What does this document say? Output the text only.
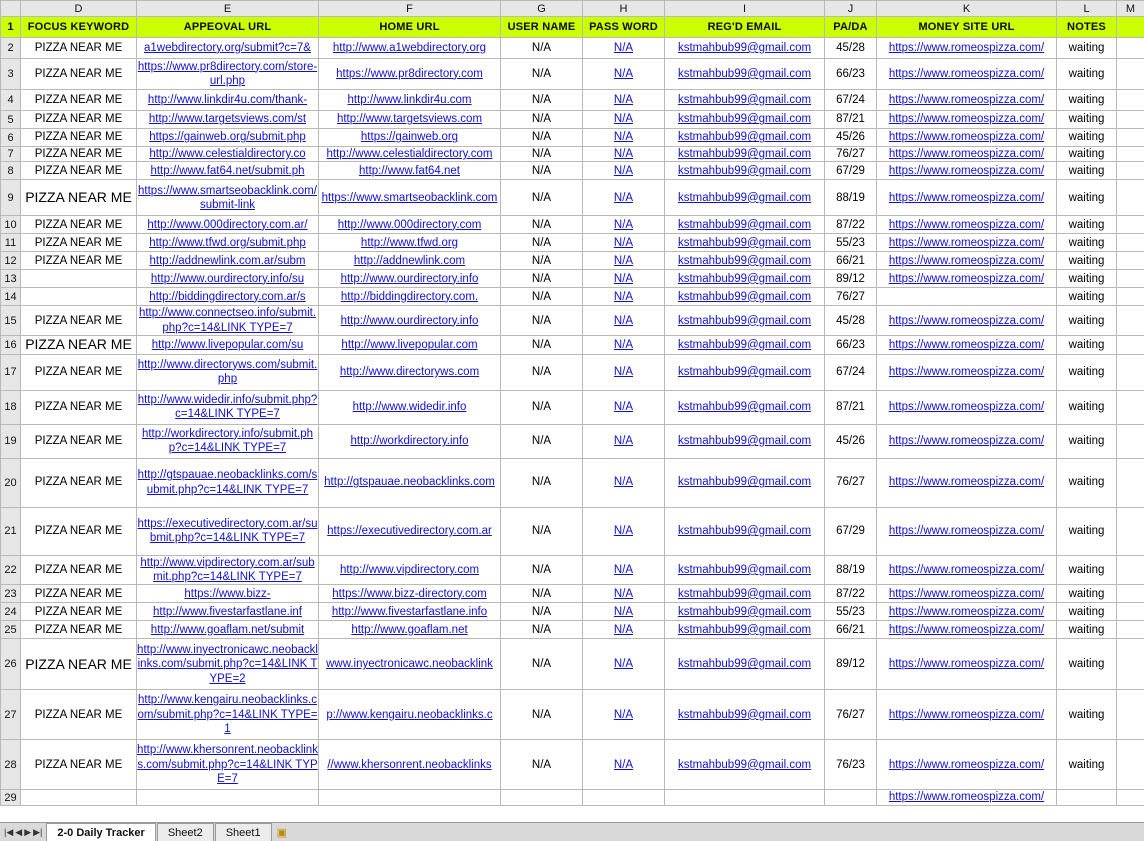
	D	E	F	G	H	I	J	K	L	M
1	FOCUS KEYWORD	APPEOVAL URL	HOME URL	USER NAME	PASS WORD	REG'D EMAIL	PA/DA	MONEY SITE URL	NOTES	
2	PIZZA NEAR ME	a1webdirectory.org/submit?c=7&	http://www.a1webdirectory.org	N/A	N/A	kstmahbub99@gmail.com	45/28	https://www.romeospizza.com/	waiting	
3	PIZZA NEAR ME	https://www.pr8directory.com/store-url.php	https://www.pr8directory.com	N/A	N/A	kstmahbub99@gmail.com	66/23	https://www.romeospizza.com/	waiting	
4	PIZZA NEAR ME	http://www.linkdir4u.com/thank-	http://www.linkdir4u.com	N/A	N/A	kstmahbub99@gmail.com	67/24	https://www.romeospizza.com/	waiting	
5	PIZZA NEAR ME	http://www.targetsviews.com/st	http://www.targetsviews.com	N/A	N/A	kstmahbub99@gmail.com	87/21	https://www.romeospizza.com/	waiting	
6	PIZZA NEAR ME	https://gainweb.org/submit.php	https://gainweb.org	N/A	N/A	kstmahbub99@gmail.com	45/26	https://www.romeospizza.com/	waiting	
7	PIZZA NEAR ME	http://www.celestialdirectory.co	http://www.celestialdirectory.com	N/A	N/A	kstmahbub99@gmail.com	76/27	https://www.romeospizza.com/	waiting	
8	PIZZA NEAR ME	http://www.fat64.net/submit.ph	http://www.fat64.net	N/A	N/A	kstmahbub99@gmail.com	67/29	https://www.romeospizza.com/	waiting	
9	PIZZA NEAR ME	https://www.smartseobacklink.com/submit-link	https://www.smartseobacklink.com	N/A	N/A	kstmahbub99@gmail.com	88/19	https://www.romeospizza.com/	waiting	
10	PIZZA NEAR ME	http://www.000directory.com.ar/	http://www.000directory.com	N/A	N/A	kstmahbub99@gmail.com	87/22	https://www.romeospizza.com/	waiting	
11	PIZZA NEAR ME	http://www.tfwd.org/submit.php	http://www.tfwd.org	N/A	N/A	kstmahbub99@gmail.com	55/23	https://www.romeospizza.com/	waiting	
12	PIZZA NEAR ME	http://addnewlink.com.ar/subm	http://addnewlink.com	N/A	N/A	kstmahbub99@gmail.com	66/21	https://www.romeospizza.com/	waiting	
13		http://www.ourdirectory.info/su	http://www.ourdirectory.info	N/A	N/A	kstmahbub99@gmail.com	89/12	https://www.romeospizza.com/	waiting	
14		http://biddingdirectory.com.ar/s	http://biddingdirectory.com.	N/A	N/A	kstmahbub99@gmail.com	76/27		waiting	
15	PIZZA NEAR ME	http://www.connectseo.info/submit.php?c=14&LINK TYPE=7	http://www.ourdirectory.info	N/A	N/A	kstmahbub99@gmail.com	45/28	https://www.romeospizza.com/	waiting	
16	PIZZA NEAR ME	http://www.livepopular.com/su	http://www.livepopular.com	N/A	N/A	kstmahbub99@gmail.com	66/23	https://www.romeospizza.com/	waiting	
17	PIZZA NEAR ME	http://www.directoryws.com/submit.php	http://www.directoryws.com	N/A	N/A	kstmahbub99@gmail.com	67/24	https://www.romeospizza.com/	waiting	
18	PIZZA NEAR ME	http://www.widedir.info/submit.php?c=14&LINK TYPE=7	http://www.widedir.info	N/A	N/A	kstmahbub99@gmail.com	87/21	https://www.romeospizza.com/	waiting	
19	PIZZA NEAR ME	http://workdirectory.info/submit.php?c=14&LINK TYPE=7	http://workdirectory.info	N/A	N/A	kstmahbub99@gmail.com	45/26	https://www.romeospizza.com/	waiting	
20	PIZZA NEAR ME	http://gtspauae.neobacklinks.com/submit.php?c=14&LINK TYPE=7	http://gtspauae.neobacklinks.com	N/A	N/A	kstmahbub99@gmail.com	76/27	https://www.romeospizza.com/	waiting	
21	PIZZA NEAR ME	https://executivedirectory.com.ar/submit.php?c=14&LINK TYPE=7	https://executivedirectory.com.ar	N/A	N/A	kstmahbub99@gmail.com	67/29	https://www.romeospizza.com/	waiting	
22	PIZZA NEAR ME	http://www.vipdirectory.com.ar/submit.php?c=14&LINK TYPE=7	http://www.vipdirectory.com	N/A	N/A	kstmahbub99@gmail.com	88/19	https://www.romeospizza.com/	waiting	
23	PIZZA NEAR ME	https://www.bizz-	https://www.bizz-directory.com	N/A	N/A	kstmahbub99@gmail.com	87/22	https://www.romeospizza.com/	waiting	
24	PIZZA NEAR ME	http://www.fivestarfastlane.inf	http://www.fivestarfastlane.info	N/A	N/A	kstmahbub99@gmail.com	55/23	https://www.romeospizza.com/	waiting	
25	PIZZA NEAR ME	http://www.goaflam.net/submit	http://www.goaflam.net	N/A	N/A	kstmahbub99@gmail.com	66/21	https://www.romeospizza.com/	waiting	
26	PIZZA NEAR ME	http://www.inyectronicawc.neobacklinks.com/submit.php?c=14&LINK TYPE=2	www.inyectronicawc.neobacklink	N/A	N/A	kstmahbub99@gmail.com	89/12	https://www.romeospizza.com/	waiting	
27	PIZZA NEAR ME	http://www.kengairu.neobacklinks.com/submit.php?c=14&LINK TYPE=1	p://www.kengairu.neobacklinks.c	N/A	N/A	kstmahbub99@gmail.com	76/27	https://www.romeospizza.com/	waiting	
28	PIZZA NEAR ME	http://www.khersonrent.neobacklinks.com/submit.php?c=14&LINK TYPE=7	//www.khersonrent.neobacklinks	N/A	N/A	kstmahbub99@gmail.com	76/23	https://www.romeospizza.com/	waiting	
29								https://www.romeospizza.com/		
|◀ ◀ ▶ ▶|	2-0 Daily Tracker	Sheet2	Sheet1	▣
